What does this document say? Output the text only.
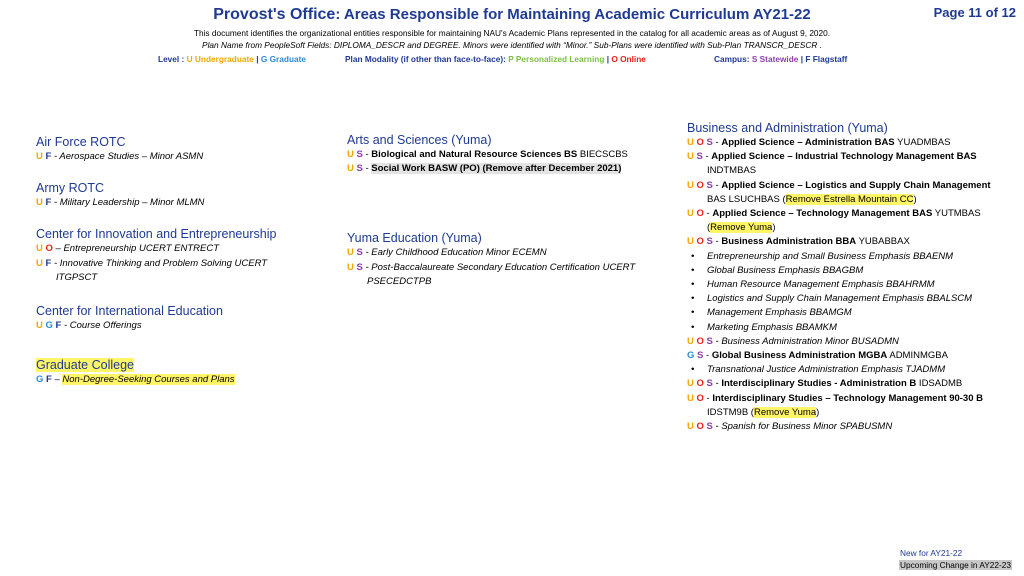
Page 11 of 12
Provost's Office: Areas Responsible for Maintaining Academic Curriculum AY21-22
This document identifies the organizational entities responsible for maintaining NAU's Academic Plans represented in the catalog for all academic areas as of August 9, 2020.
Plan Name from PeopleSoft Fields: DIPLOMA_DESCR and DEGREE. Minors were identified with “Minor.” Sub-Plans were identified with Sub-Plan TRANSCR_DESCR .
Level : U Undergraduate | G Graduate	Plan Modality (if other than face-to-face): P Personalized Learning | O Online	Campus: S Statewide | F Flagstaff
Air Force ROTC
U F - Aerospace Studies – Minor ASMN
Army ROTC
U F - Military Leadership – Minor MLMN
Center for Innovation and Entrepreneurship
U O – Entrepreneurship UCERT ENTRECT
U F - Innovative Thinking and Problem Solving UCERT
ITGPSCT
Center for International Education
U G F - Course Offerings
Graduate College
G F – Non-Degree-Seeking Courses and Plans
Arts and Sciences (Yuma)
U S - Biological and Natural Resource Sciences BS BIECSCBS
U S - Social Work BASW (PO) (Remove after December 2021)
Yuma Education (Yuma)
U S - Early Childhood Education Minor ECEMN
U S - Post-Baccalaureate Secondary Education Certification UCERT
PSECEDCTPB
Business and Administration (Yuma)
U O S - Applied Science – Administration BAS YUADMBAS
U S - Applied Science – Industrial Technology Management BAS
INDTMBAS
U O S - Applied Science – Logistics and Supply Chain Management
BAS LSUCHBAS (Remove Estrella Mountain CC)
U O - Applied Science – Technology Management BAS YUTMBAS
(Remove Yuma)
U O S - Business Administration BBA YUBABBAX
• Entrepreneurship and Small Business Emphasis BBAENM
• Global Business Emphasis BBAGBM
• Human Resource Management Emphasis BBAHRMM
• Logistics and Supply Chain Management Emphasis BBALSCM
• Management Emphasis BBAMGM
• Marketing Emphasis BBAMKM
U O S - Business Administration Minor BUSADMN
G S - Global Business Administration MGBA ADMINMGBA
• Transnational Justice Administration Emphasis TJADMM
U O S - Interdisciplinary Studies - Administration B IDSADMB
U O - Interdisciplinary Studies – Technology Management 90-30 B
IDSTM9B (Remove Yuma)
U O S - Spanish for Business Minor SPABUSMN
New for AY21-22
Upcoming Change in AY22-23
